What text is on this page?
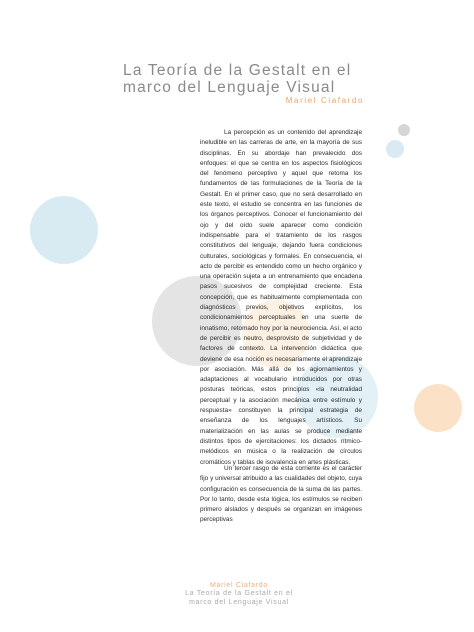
La Teoría de la Gestalt en el
marco del Lenguaje Visual
Mariel Ciafardo

La percepción es un contenido del aprendizaje ineludible en las carreras de arte, en la mayoría de sus disciplinas. En su abordaje han prevalecido dos enfoques: el que se centra en los aspectos fisiológicos del fenómeno perceptivo y aquel que retoma los fundamentos de las formulaciones de la Teoría de la Gestalt. En el primer caso, que no será desarrollado en este texto, el estudio se concentra en las funciones de los órganos perceptivos. Conocer el funcionamiento del ojo y del oído suele aparecer como condición indispensable para el tratamiento de los rasgos constitutivos del lenguaje, dejando fuera condiciones culturales, sociológicas y formales. En consecuencia, el acto de percibir es entendido como un hecho orgánico y una operación sujeta a un entrenamiento que encadena pasos sucesivos de complejidad creciente. Esta concepción, que es habitualmente complementada con diagnósticos previos, objetivos explícitos, los condicionamientos perceptuales en una suerte de innatismo, retomado hoy por la neurociencia. Así, el acto de percibir es neutro, desprovisto de subjetividad y de factores de contexto. La intervención didáctica que deviene de esa noción es necesariamente el aprendizaje por asociación. Más allá de los agiornamientos y adaptaciones al vocabulario introducidos por otras posturas teóricas, estos principios «la neutralidad perceptual y la asociación mecánica entre estímulo y respuesta» constituyen la principal estrategia de enseñanza de los lenguajes artísticos. Su materialización en las aulas se produce mediante distintos tipos de ejercitaciones: los dictados rítmico-melódicos en música o la realización de círculos cromáticos y tablas de isovalencia en artes plásticas.

Un tercer rasgo de esta corriente es el carácter fijo y universal atribuido a las cualidades del objeto, cuya configuración es consecuencia de la suma de las partes. Por lo tanto, desde esta lógica, los estímulos se reciben primero aislados y después se organizan en imágenes perceptivas

Mariel Ciafardo
La Teoría de la Gestalt en el
marco del Lenguaje Visual
